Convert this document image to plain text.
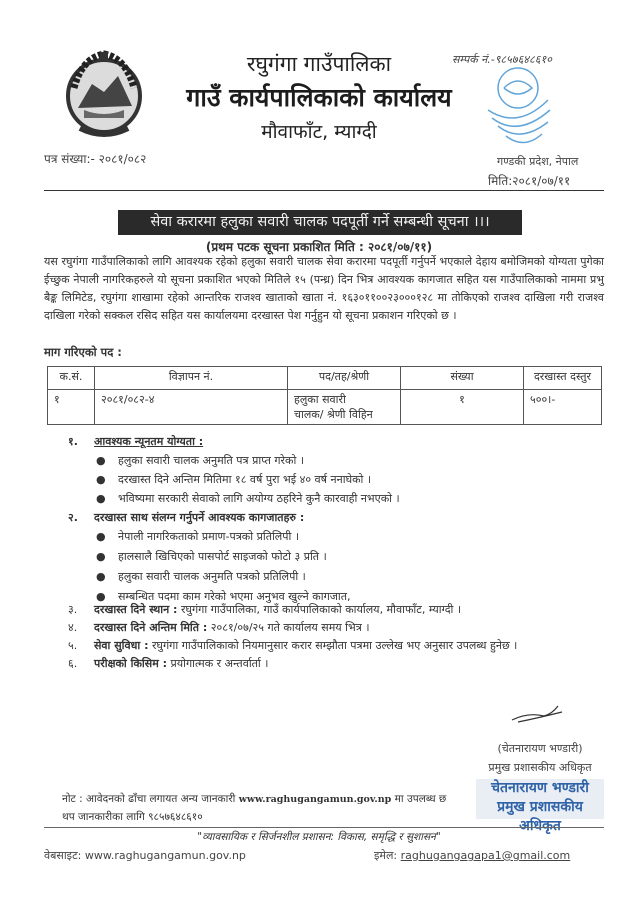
रघुगंगा गाउँपालिका
गाउँ कार्यपालिकाको कार्यालय
मौवाफाँट, म्याग्दी
सम्पर्क नं.-९८५७६४८६१०
पत्र संख्या:- २०८१/०८२	गण्डकी प्रदेश, नेपाल
मिति:२०८१/०७/११
सेवा करारमा हलुका सवारी चालक पदपूर्ती गर्ने सम्बन्धी सूचना ।।।
(प्रथम पटक सूचना प्रकाशित मिति : २०८१/०७/११)
यस रघुगंगा गाउँपालिकाको लागि आवश्यक रहेको हलुका सवारी चालक सेवा करारमा पदपूर्ती गर्नुपर्ने भएकाले देहाय बमोजिमको योग्यता पुगेका ईच्छुक नेपाली नागरिकहरुले यो सूचना प्रकाशित भएको मितिले १५ (पन्ध्र) दिन भित्र आवश्यक कागजात सहित यस गाउँपालिकाको नाममा प्रभु बैङ्क लिमिटेड, रघुगंगा शाखामा रहेको आन्तरिक राजश्व खाताको खाता नं. १६३०११००२३०००१२८ मा तोकिएको राजश्व दाखिला गरी राजश्व दाखिला गरेको सक्कल रसिद सहित यस कार्यालयमा दरखास्त पेश गर्नुहुन यो सूचना प्रकाशन गरिएको छ ।
माग गरिएको पद :
क.सं.	विज्ञापन नं.	पद/तह/श्रेणी	संख्या	दरखास्त दस्तुर
१	२०८१/०८२-४	हलुका सवारी
चालक/ श्रेणी विहिन	१	५००।-
१. आवश्यक न्यूनतम योग्यता :
● हलुका सवारी चालक अनुमति पत्र प्राप्त गरेको ।
● दरखास्त दिने अन्तिम मितिमा १८ वर्ष पुरा भई ४० वर्ष ननाघेको ।
● भविष्यमा सरकारी सेवाको लागि अयोग्य ठहरिने कुनै कारवाही नभएको ।
२. दरखास्त साथ संलग्न गर्नुपर्ने आवश्यक कागजातहरु :
● नेपाली नागरिकताको प्रमाण-पत्रको प्रतिलिपी ।
● हालसालै खिचिएको पासपोर्ट साइजको फोटो ३ प्रति ।
● हलुका सवारी चालक अनुमति पत्रको प्रतिलिपी ।
● सम्बन्धित पदमा काम गरेको भएमा अनुभव खुल्ने कागजात,
३. दरखास्त दिने स्थान : रघुगंगा गाउँपालिका, गाउँ कार्यपालिकाको कार्यालय, मौवाफाँट, म्याग्दी ।
४. दरखास्त दिने अन्तिम मिति : २०८१/०७/२५ गते कार्यालय समय भित्र ।
५. सेवा सुविधा : रघुगंगा गाउँपालिकाको नियमानुसार करार सम्झौता पत्रमा उल्लेख भए अनुसार उपलब्ध हुनेछ ।
६. परीक्षको किसिम : प्रयोगात्मक र अन्तर्वार्ता ।
(चेतनारायण भण्डारी)
प्रमुख प्रशासकीय अधिकृत
चेतनारायण भण्डारी
प्रमुख प्रशासकीय अधिकृत
नोट : आवेदनको ढाँचा लगायत अन्य जानकारी www.raghugangamun.gov.np मा उपलब्ध छ
थप जानकारीका लागि ९८५७६४८६१०
"व्यावसायिक र सिर्जनशील प्रशासन: विकास, समृद्धि र सुशासन"
वेबसाइट: www.raghugangamun.gov.np	इमेल: raghugangagapa1@gmail.com
